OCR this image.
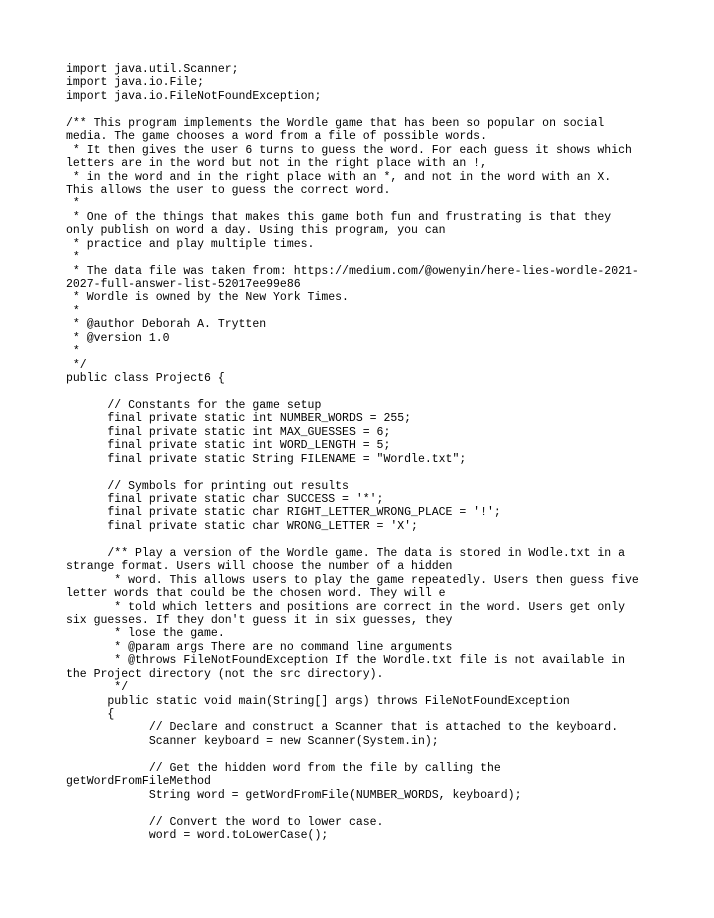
import java.util.Scanner;
import java.io.File;
import java.io.FileNotFoundException;
/** This program implements the Wordle game that has been so popular on social
media. The game chooses a word from a file of possible words.
* It then gives the user 6 turns to guess the word. For each guess it shows which
letters are in the word but not in the right place with an !,
* in the word and in the right place with an *, and not in the word with an X.
This allows the user to guess the correct word.
*
* One of the things that makes this game both fun and frustrating is that they
only publish on word a day. Using this program, you can
* practice and play multiple times.
*
* The data file was taken from: https://medium.com/@owenyin/here-lies-wordle-2021-
2027-full-answer-list-52017ee99e86
* Wordle is owned by the New York Times.
*
* @author Deborah A. Trytten
* @version 1.0
*
*/
public class Project6 {
// Constants for the game setup
final private static int NUMBER_WORDS = 255;
final private static int MAX_GUESSES = 6;
final private static int WORD_LENGTH = 5;
final private static String FILENAME = "Wordle.txt";
// Symbols for printing out results
final private static char SUCCESS = '*';
final private static char RIGHT_LETTER_WRONG_PLACE = '!';
final private static char WRONG_LETTER = 'X';
/** Play a version of the Wordle game. The data is stored in Wodle.txt in a
strange format. Users will choose the number of a hidden
* word. This allows users to play the game repeatedly. Users then guess five
letter words that could be the chosen word. They will e
* told which letters and positions are correct in the word. Users get only
six guesses. If they don't guess it in six guesses, they
* lose the game.
* @param args There are no command line arguments
* @throws FileNotFoundException If the Wordle.txt file is not available in
the Project directory (not the src directory).
*/
public static void main(String[] args) throws FileNotFoundException
{
// Declare and construct a Scanner that is attached to the keyboard.
Scanner keyboard = new Scanner(System.in);
// Get the hidden word from the file by calling the
getWordFromFileMethod
String word = getWordFromFile(NUMBER_WORDS, keyboard);
// Convert the word to lower case.
word = word.toLowerCase();
